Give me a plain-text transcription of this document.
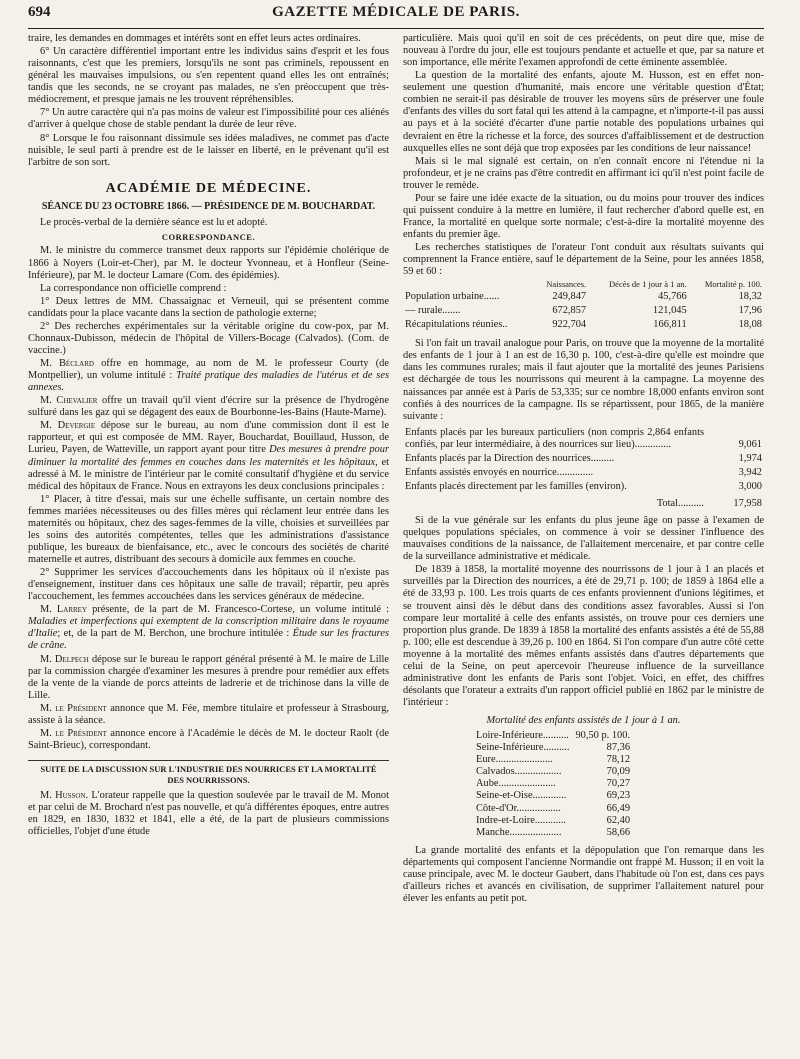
694	GAZETTE MÉDICALE DE PARIS.

traire, les demandes en dommages et intérêts sont en effet leurs actes ordinaires.

6° Un caractère différentiel important entre les individus sains d'esprit et les fous raisonnants, c'est que les premiers, lorsqu'ils ne sont pas criminels, repoussent en général les mauvaises impulsions, ou s'en repentent quand elles les ont entraînés; tandis que les seconds, ne se croyant pas malades, ne s'en préoccupent que très-médiocrement, et presque jamais ne les trouvent répréhensibles.

7° Un autre caractère qui n'a pas moins de valeur est l'impossibilité pour ces aliénés d'arriver à quelque chose de stable pendant la durée de leur rêve.

8° Lorsque le fou raisonnant dissimule ses idées maladives, ne commet pas d'acte nuisible, le seul parti à prendre est de le laisser en liberté, en le prévenant qu'il est l'arbitre de son sort.

ACADÉMIE DE MÉDECINE.
SÉANCE DU 23 OCTOBRE 1866. — PRÉSIDENCE DE M. BOUCHARDAT.

Le procès-verbal de la dernière séance est lu et adopté.

CORRESPONDANCE.

M. le ministre du commerce transmet deux rapports sur l'épidémie cholérique de 1866 à Noyers (Loir-et-Cher), par M. le docteur Yvonneau, et à Honfleur (Seine-Inférieure), par M. le docteur Lamare (Com. des épidémies).

La correspondance non officielle comprend :

1° Deux lettres de MM. Chassaignac et Verneuil, qui se présentent comme candidats pour la place vacante dans la section de pathologie externe;

2° Des recherches expérimentales sur la véritable origine du cow-pox, par M. Chonnaux-Dubisson, médecin de l'hôpital de Villers-Bocage (Calvados). (Com. de vaccine.)

M. Béclard offre en hommage, au nom de M. le professeur Courty (de Montpellier), un volume intitulé : Traité pratique des maladies de l'utérus et de ses annexes.

M. Chevalier offre un travail qu'il vient d'écrire sur la présence de l'hydrogène sulfuré dans les gaz qui se dégagent des eaux de Bourbonne-les-Bains (Haute-Marne).

M. Devergie dépose sur le bureau, au nom d'une commission dont il est le rapporteur, et qui est composée de MM. Rayer, Bouchardat, Bouillaud, Husson, de Lurieu, Payen, de Watteville, un rapport ayant pour titre Des mesures à prendre pour diminuer la mortalité des femmes en couches dans les maternités et les hôpitaux, et adressé à M. le ministre de l'intérieur par le comité consultatif d'hygiène et du service médical des hôpitaux de France. Nous en extrayons les deux conclusions principales :

1° Placer, à titre d'essai, mais sur une échelle suffisante, un certain nombre des femmes mariées nécessiteuses ou des filles mères qui réclament leur entrée dans les maternités ou hôpitaux, chez des sages-femmes de la ville, choisies et surveillées par les soins des autorités compétentes, telles que les administrations d'assistance publique, les bureaux de bienfaisance, etc., avec le concours des sociétés de charité maternelle et autres, distribuant des secours à domicile aux femmes en couche.

2° Supprimer les services d'accouchements dans les hôpitaux où il n'existe pas d'enseignement, instituer dans ces hôpitaux une salle de travail; répartir, peu après l'accouchement, les femmes accouchées dans les services généraux de médecine.

M. Larrey présente, de la part de M. Francesco-Cortese, un volume intitulé : Maladies et imperfections qui exemptent de la conscription militaire dans le royaume d'Italie; et, de la part de M. Berchon, une brochure intitulée : Étude sur les fractures de crâne.

M. Delpech dépose sur le bureau le rapport général présenté à M. le maire de Lille par la commission chargée d'examiner les mesures à prendre pour remédier aux effets de la vente de la viande de porcs atteints de ladrerie et de trichinose dans la ville de Lille.

M. le Président annonce que M. Fée, membre titulaire et professeur à Strasbourg, assiste à la séance.

M. le Président annonce encore à l'Académie le décès de M. le docteur Raolt (de Saint-Brieuc), correspondant.

SUITE DE LA DISCUSSION SUR L'INDUSTRIE DES NOURRICES ET LA MORTALITÉ
DES NOURRISSONS.

M. Husson. L'orateur rappelle que la question soulevée par le travail de M. Monot et par celui de M. Brochard n'est pas nouvelle, et qu'à différentes époques, entre autres en 1829, en 1830, 1832 et 1841, elle a été, de la part de plusieurs commissions officielles, l'objet d'une étude

particulière. Mais quoi qu'il en soit de ces précédents, on peut dire que, mise de nouveau à l'ordre du jour, elle est toujours pendante et actuelle et que, par sa nature et son importance, elle mérite l'examen approfondi de cette éminente assemblée.

La question de la mortalité des enfants, ajoute M. Husson, est en effet non-seulement une question d'humanité, mais encore une véritable question d'État; combien ne serait-il pas désirable de trouver les moyens sûrs de préserver une foule d'enfants des villes du sort fatal qui les attend à la campagne, et n'importe-t-il pas aussi au pays et à la société d'écarter d'une partie notable des populations urbaines qui devraient en être la richesse et la force, des sources d'affaiblissement et de destruction auxquelles elles ne sont déjà que trop exposées par les conditions de leur naissance!

Mais si le mal signalé est certain, on n'en connaît encore ni l'étendue ni la profondeur, et je ne crains pas d'être contredit en affirmant ici qu'il n'est point facile de trouver le remède.

Pour se faire une idée exacte de la situation, ou du moins pour trouver des indices qui puissent conduire à la mettre en lumière, il faut rechercher d'abord quelle est, en France, la mortalité en quelque sorte normale; c'est-à-dire la mortalité moyenne des enfants du premier âge.

Les recherches statistiques de l'orateur l'ont conduit aux résultats suivants qui comprennent la France entière, sauf le département de la Seine, pour les années 1858, 59 et 60 :

	Naissances.	Décès de 1 jour à 1 an.	Mortalité p. 100.
Population urbaine......	249,847	45,766	18,32
— rurale.......	672,857	121,045	17,96
Récapitulations réunies..	922,704	166,811	18,08

Si l'on fait un travail analogue pour Paris, on trouve que la moyenne de la mortalité des enfants de 1 jour à 1 an est de 16,30 p. 100, c'est-à-dire qu'elle est moindre que dans les communes rurales; mais il faut ajouter que la mortalité des jeunes Parisiens est déchargée de tous les nourrissons qui meurent à la campagne. La moyenne des naissances par année est à Paris de 53,335; sur ce nombre 18,000 enfants environ sont confiés à des nourrices de la campagne. Ils se répartissent, pour 1865, de la manière suivante :

Enfants placés par les bureaux particuliers (non compris 2,864 enfants confiés, par leur intermédiaire, à des nourrices sur lieu)..............	9,061
Enfants placés par la Direction des nourrices.........	1,974
Enfants assistés envoyés en nourrice..............	3,942
Enfants placés directement par les familles (environ).	3,000
Total..........	17,958

Si de la vue générale sur les enfants du plus jeune âge on passe à l'examen de quelques populations spéciales, on commence à voir se dessiner l'influence des mauvaises conditions de la naissance, de l'allaitement mercenaire, et par contre celle de la surveillance administrative et médicale.

De 1839 à 1858, la mortalité moyenne des nourrissons de 1 jour à 1 an placés et surveillés par la Direction des nourrices, a été de 29,71 p. 100; de 1859 à 1864 elle a été de 33,93 p. 100. Les trois quarts de ces enfants proviennent d'unions légitimes, et se trouvent ainsi dès le début dans des conditions assez favorables. Aussi si l'on compare leur mortalité à celle des enfants assistés, on trouve pour ces derniers une proportion plus grande. De 1839 à 1858 la mortalité des enfants assistés a été de 55,88 p. 100; elle est descendue à 39,26 p. 100 en 1864. Si l'on compare d'un autre côté cette moyenne à la mortalité des mêmes enfants assistés dans d'autres départements que celui de la Seine, on peut apercevoir l'heureuse influence de la surveillance administrative dont les enfants de Paris sont l'objet. Voici, en effet, des chiffres désolants que l'orateur a extraits d'un rapport officiel publié en 1862 par le ministre de l'intérieur :

Mortalité des enfants assistés de 1 jour à 1 an.
Loire-Inférieure..........	90,50 p. 100.
Seine-Inférieure..........	87,36
Eure......................	78,12
Calvados..................	70,09
Aube......................	70,27
Seine-et-Oise.............	69,23
Côte-d'Or.................	66,49
Indre-et-Loire............	62,40
Manche....................	58,66

La grande mortalité des enfants et la dépopulation que l'on remarque dans les départements qui composent l'ancienne Normandie ont frappé M. Husson; il en voit la cause principale, avec M. le docteur Gaubert, dans l'habitude où l'on est, dans ces pays d'ailleurs riches et avancés en civilisation, de supprimer l'allaitement naturel pour élever les enfants au petit pot.
